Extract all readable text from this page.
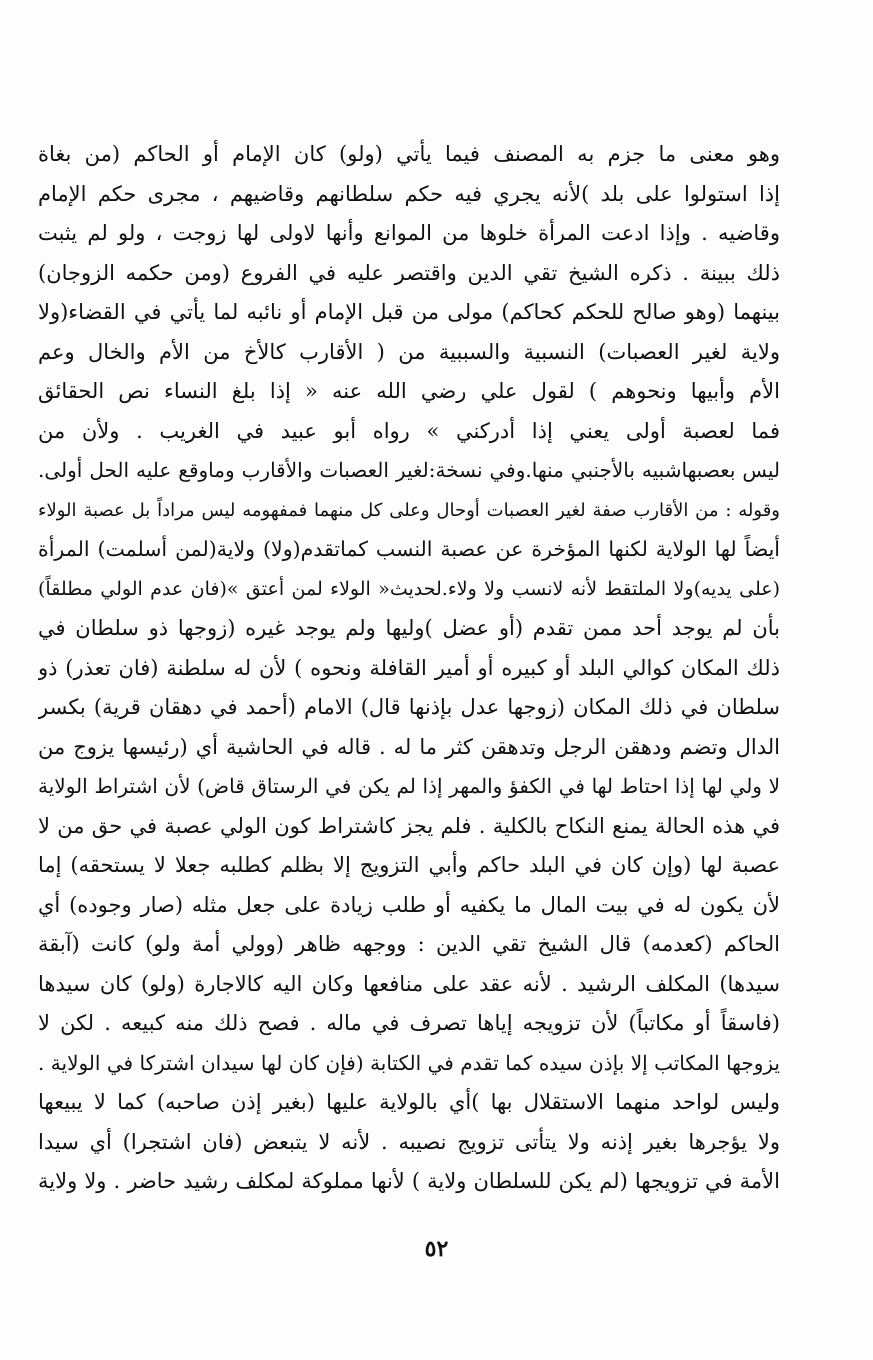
وهو معنى ما جزم به المصنف فيما يأتي (ولو) كان الإمام أو الحاكم (من بغاة
إذا استولوا على بلد )لأنه يجري فيه حكم سلطانهم وقاضيهم ، مجرى حكم الإمام
وقاضيه . وإذا ادعت المرأة خلوها من الموانع وأنها لاولى لها زوجت ، ولو لم يثبت
ذلك ببينة . ذكره الشيخ تقي الدين واقتصر عليه في الفروع (ومن حكمه الزوجان)
بينهما (وهو صالح للحكم كحاكم) مولى من قبل الإمام أو نائبه لما يأتي في القضاء(ولا
ولاية لغير العصبات) النسبية والسببية من ( الأقارب كالأخ من الأم والخال وعم
الأم وأبيها ونحوهم ) لقول علي رضي الله عنه « إذا بلغ النساء نص الحقائق
فما لعصبة أولى يعني إذا أدركني » رواه أبو عبيد في الغريب . ولأن من
ليس بعصبهاشبيه بالأجنبي منها.وفي نسخة:لغير العصبات والأقارب وماوقع عليه الحل أولى.
وقوله : من الأقارب صفة لغير العصبات أوحال وعلى كل منهما فمفهومه ليس مراداً بل عصبة الولاء
أيضاً لها الولاية لكنها المؤخرة عن عصبة النسب كماتقدم(ولا) ولاية(لمن أسلمت) المرأة
(على يديه)ولا الملتقط لأنه لانسب ولا ولاء.لحديث« الولاء لمن أعتق »(فان عدم الولي مطلقاً)
بأن لم يوجد أحد ممن تقدم (أو عضل )وليها ولم يوجد غيره (زوجها ذو سلطان في
ذلك المكان كوالي البلد أو كبيره أو أمير القافلة ونحوه ) لأن له سلطنة (فان تعذر) ذو
سلطان في ذلك المكان (زوجها عدل بإذنها قال) الامام (أحمد في دهقان قرية) بكسر
الدال وتضم ودهقن الرجل وتدهقن كثر ما له . قاله في الحاشية أي (رئيسها يزوج من
لا ولي لها إذا احتاط لها في الكفؤ والمهر إذا لم يكن في الرستاق قاض) لأن اشتراط الولاية
في هذه الحالة يمنع النكاح بالكلية . فلم يجز كاشتراط كون الولي عصبة في حق من لا
عصبة لها (وإن كان في البلد حاكم وأبي التزويج إلا بظلم كطلبه جعلا لا يستحقه) إما
لأن يكون له في بيت المال ما يكفيه أو طلب زيادة على جعل مثله (صار وجوده) أي
الحاكم (كعدمه) قال الشيخ تقي الدين : ووجهه ظاهر (وولي أمة ولو) كانت (آبقة
سيدها) المكلف الرشيد . لأنه عقد على منافعها وكان اليه كالاجارة (ولو) كان سيدها
(فاسقاً أو مكاتباً) لأن تزويجه إياها تصرف في ماله . فصح ذلك منه كبيعه . لكن لا
يزوجها المكاتب إلا بإذن سيده كما تقدم في الكتابة (فإن كان لها سيدان اشتركا في الولاية .
وليس لواحد منهما الاستقلال بها )أي بالولاية عليها (بغير إذن صاحبه) كما لا يبيعها
ولا يؤجرها بغير إذنه ولا يتأتى تزويج نصيبه . لأنه لا يتبعض (فان اشتجرا) أي سيدا
الأمة في تزويجها (لم يكن للسلطان ولاية ) لأنها مملوكة لمكلف رشيد حاضر . ولا ولاية
٥٢
